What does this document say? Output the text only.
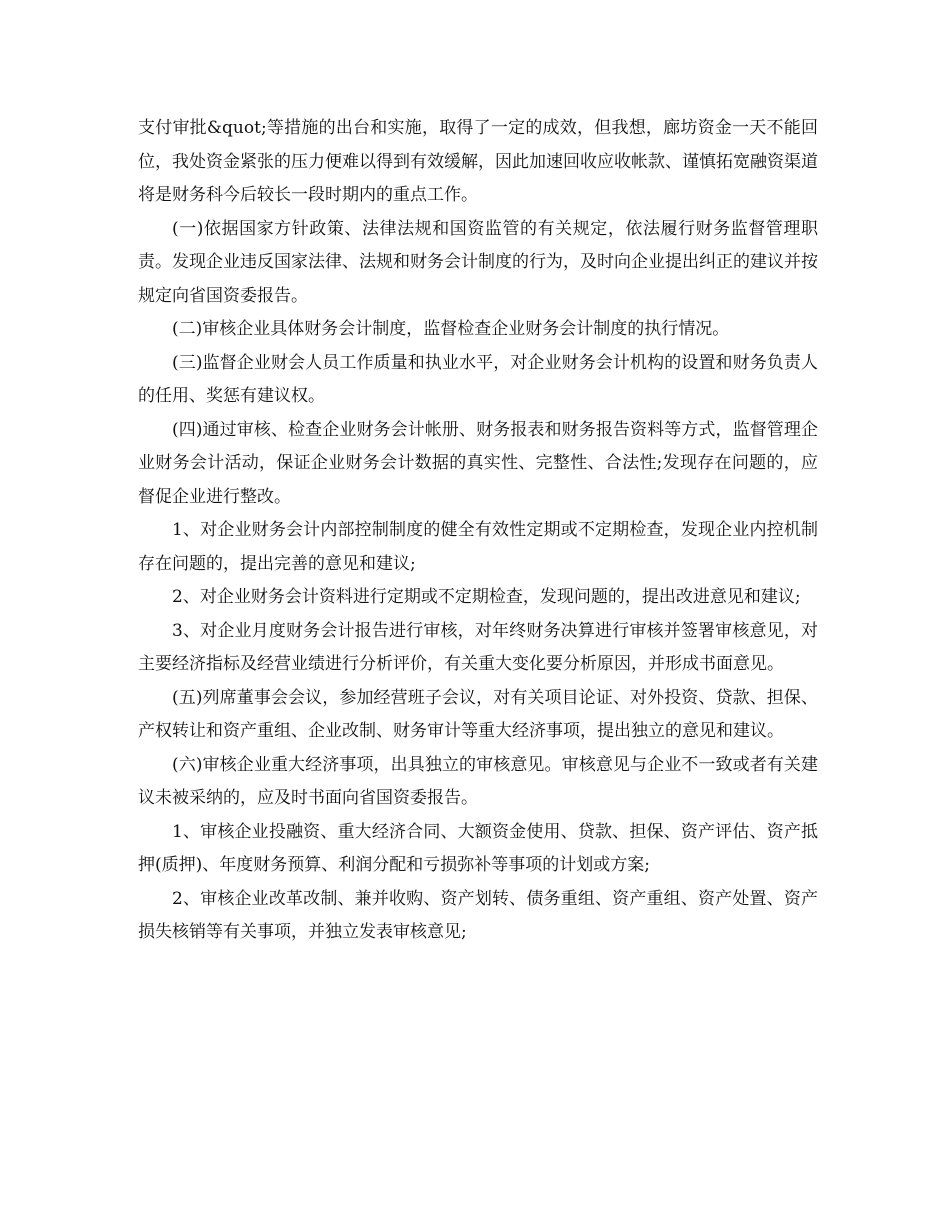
支付审批&quot;等措施的出台和实施，取得了一定的成效，但我想，廊坊资金一天不能回位，我处资金紧张的压力便难以得到有效缓解，因此加速回收应收帐款、谨慎拓宽融资渠道将是财务科今后较长一段时期内的重点工作。

(一)依据国家方针政策、法律法规和国资监管的有关规定，依法履行财务监督管理职责。发现企业违反国家法律、法规和财务会计制度的行为，及时向企业提出纠正的建议并按规定向省国资委报告。

(二)审核企业具体财务会计制度，监督检查企业财务会计制度的执行情况。

(三)监督企业财会人员工作质量和执业水平，对企业财务会计机构的设置和财务负责人的任用、奖惩有建议权。

(四)通过审核、检查企业财务会计帐册、财务报表和财务报告资料等方式，监督管理企业财务会计活动，保证企业财务会计数据的真实性、完整性、合法性;发现存在问题的，应督促企业进行整改。

1、对企业财务会计内部控制制度的健全有效性定期或不定期检查，发现企业内控机制存在问题的，提出完善的意见和建议;

2、对企业财务会计资料进行定期或不定期检查，发现问题的，提出改进意见和建议;

3、对企业月度财务会计报告进行审核，对年终财务决算进行审核并签署审核意见，对主要经济指标及经营业绩进行分析评价，有关重大变化要分析原因，并形成书面意见。

(五)列席董事会会议，参加经营班子会议，对有关项目论证、对外投资、贷款、担保、产权转让和资产重组、企业改制、财务审计等重大经济事项，提出独立的意见和建议。

(六)审核企业重大经济事项，出具独立的审核意见。审核意见与企业不一致或者有关建议未被采纳的，应及时书面向省国资委报告。

1、审核企业投融资、重大经济合同、大额资金使用、贷款、担保、资产评估、资产抵押(质押)、年度财务预算、利润分配和亏损弥补等事项的计划或方案;

2、审核企业改革改制、兼并收购、资产划转、债务重组、资产重组、资产处置、资产损失核销等有关事项，并独立发表审核意见;
